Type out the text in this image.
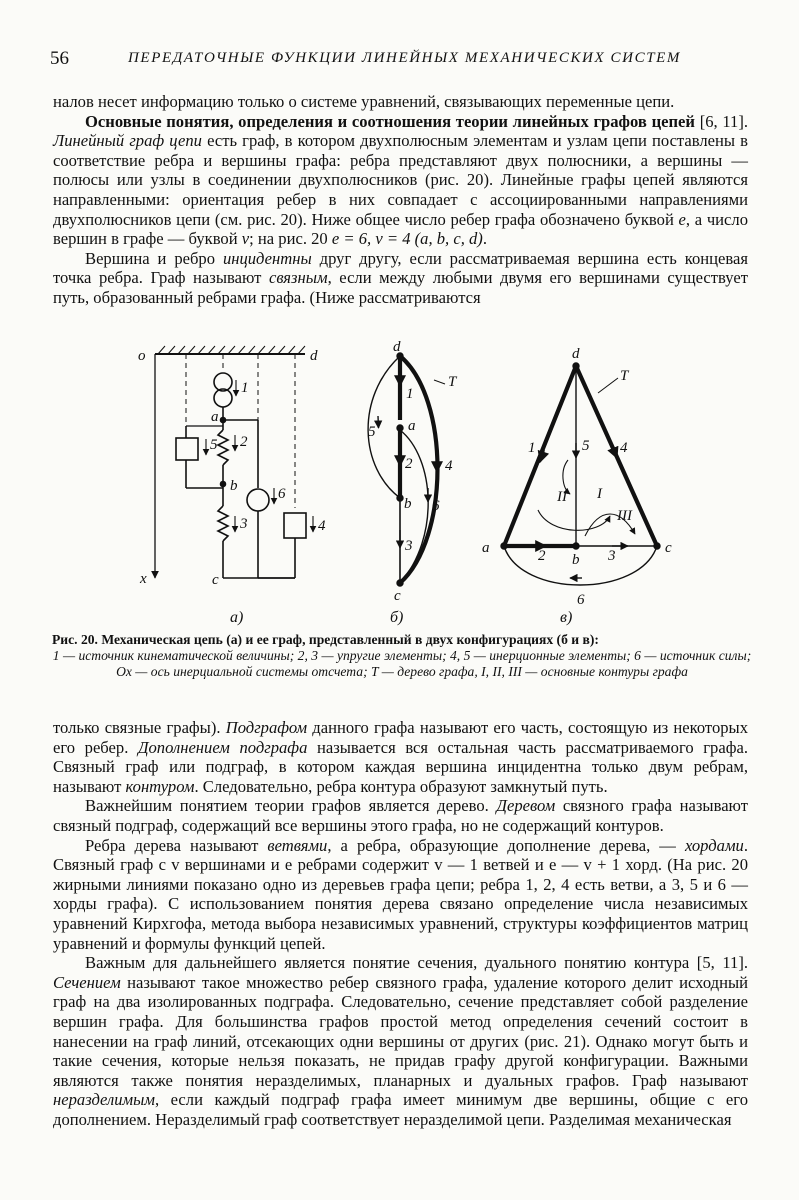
56	ПЕРЕДАТОЧНЫЕ ФУНКЦИИ ЛИНЕЙНЫХ МЕХАНИЧЕСКИХ СИСТЕМ

налов несет информацию только о системе уравнений, связывающих переменные цепи.

Основные понятия, определения и соотношения теории линейных графов цепей [6, 11]. Линейный граф цепи есть граф, в котором двухполюсным элементам и узлам цепи поставлены в соответствие ребра и вершины графа: ребра представляют двух полюсники, а вершины — полюсы или узлы в соединении двухполюсников (рис. 20). Линейные графы цепей являются направленными: ориентация ребер в них совпадает с ассоциированными направлениями двухполюсников цепи (см. рис. 20). Ниже общее число ребер графа обозначено буквой e, а число вершин в графе — буквой v; на рис. 20 e = 6, v = 4 (a, b, c, d).

Вершина и ребро инцидентны друг другу, если рассматриваемая вершина есть концевая точка ребра. Граф называют связным, если между любыми двумя его вершинами существует путь, образованный ребрами графа. (Ниже рассматриваются

o	d
a
b
c
x
1
2
3	4
5
6
d
a
b
c
1
2
3
4
5
6
T
d
a
b
c
1
2	3
4
5
6
T
I
II
III
а)	б)	в)
Рис. 20. Механическая цепь (а) и ее граф, представленный в двух конфигурациях (б и в):
1 — источник кинематической величины; 2, 3 — упругие элементы; 4, 5 — инерционные элементы; 6 — источник силы; Ox — ось инерциальной системы отсчета; T — дерево графа, I, II, III — основные контуры графа

только связные графы). Подграфом данного графа называют его часть, состоящую из некоторых его ребер. Дополнением подграфа называется вся остальная часть рассматриваемого графа. Связный граф или подграф, в котором каждая вершина инцидентна только двум ребрам, называют контуром. Следовательно, ребра контура образуют замкнутый путь.

Важнейшим понятием теории графов является дерево. Деревом связного графа называют связный подграф, содержащий все вершины этого графа, но не содержащий контуров.

Ребра дерева называют ветвями, а ребра, образующие дополнение дерева, — хордами. Связный граф с v вершинами и e ребрами содержит v — 1 ветвей и e — v + 1 хорд. (На рис. 20 жирными линиями показано одно из деревьев графа цепи; ребра 1, 2, 4 есть ветви, а 3, 5 и 6 — хорды графа). С использованием понятия дерева связано определение числа независимых уравнений Кирхгофа, метода выбора независимых уравнений, структуры коэффициентов матриц уравнений и формулы функций цепей.

Важным для дальнейшего является понятие сечения, дуального понятию контура [5, 11]. Сечением называют такое множество ребер связного графа, удаление которого делит исходный граф на два изолированных подграфа. Следовательно, сечение представляет собой разделение вершин графа. Для большинства графов простой метод определения сечений состоит в нанесении на граф линий, отсекающих одни вершины от других (рис. 21). Однако могут быть и такие сечения, которые нельзя показать, не придав графу другой конфигурации. Важными являются также понятия неразделимых, планарных и дуальных графов. Граф называют неразделимым, если каждый подграф графа имеет минимум две вершины, общие с его дополнением. Неразделимый граф соответствует неразделимой цепи. Разделимая механическая
